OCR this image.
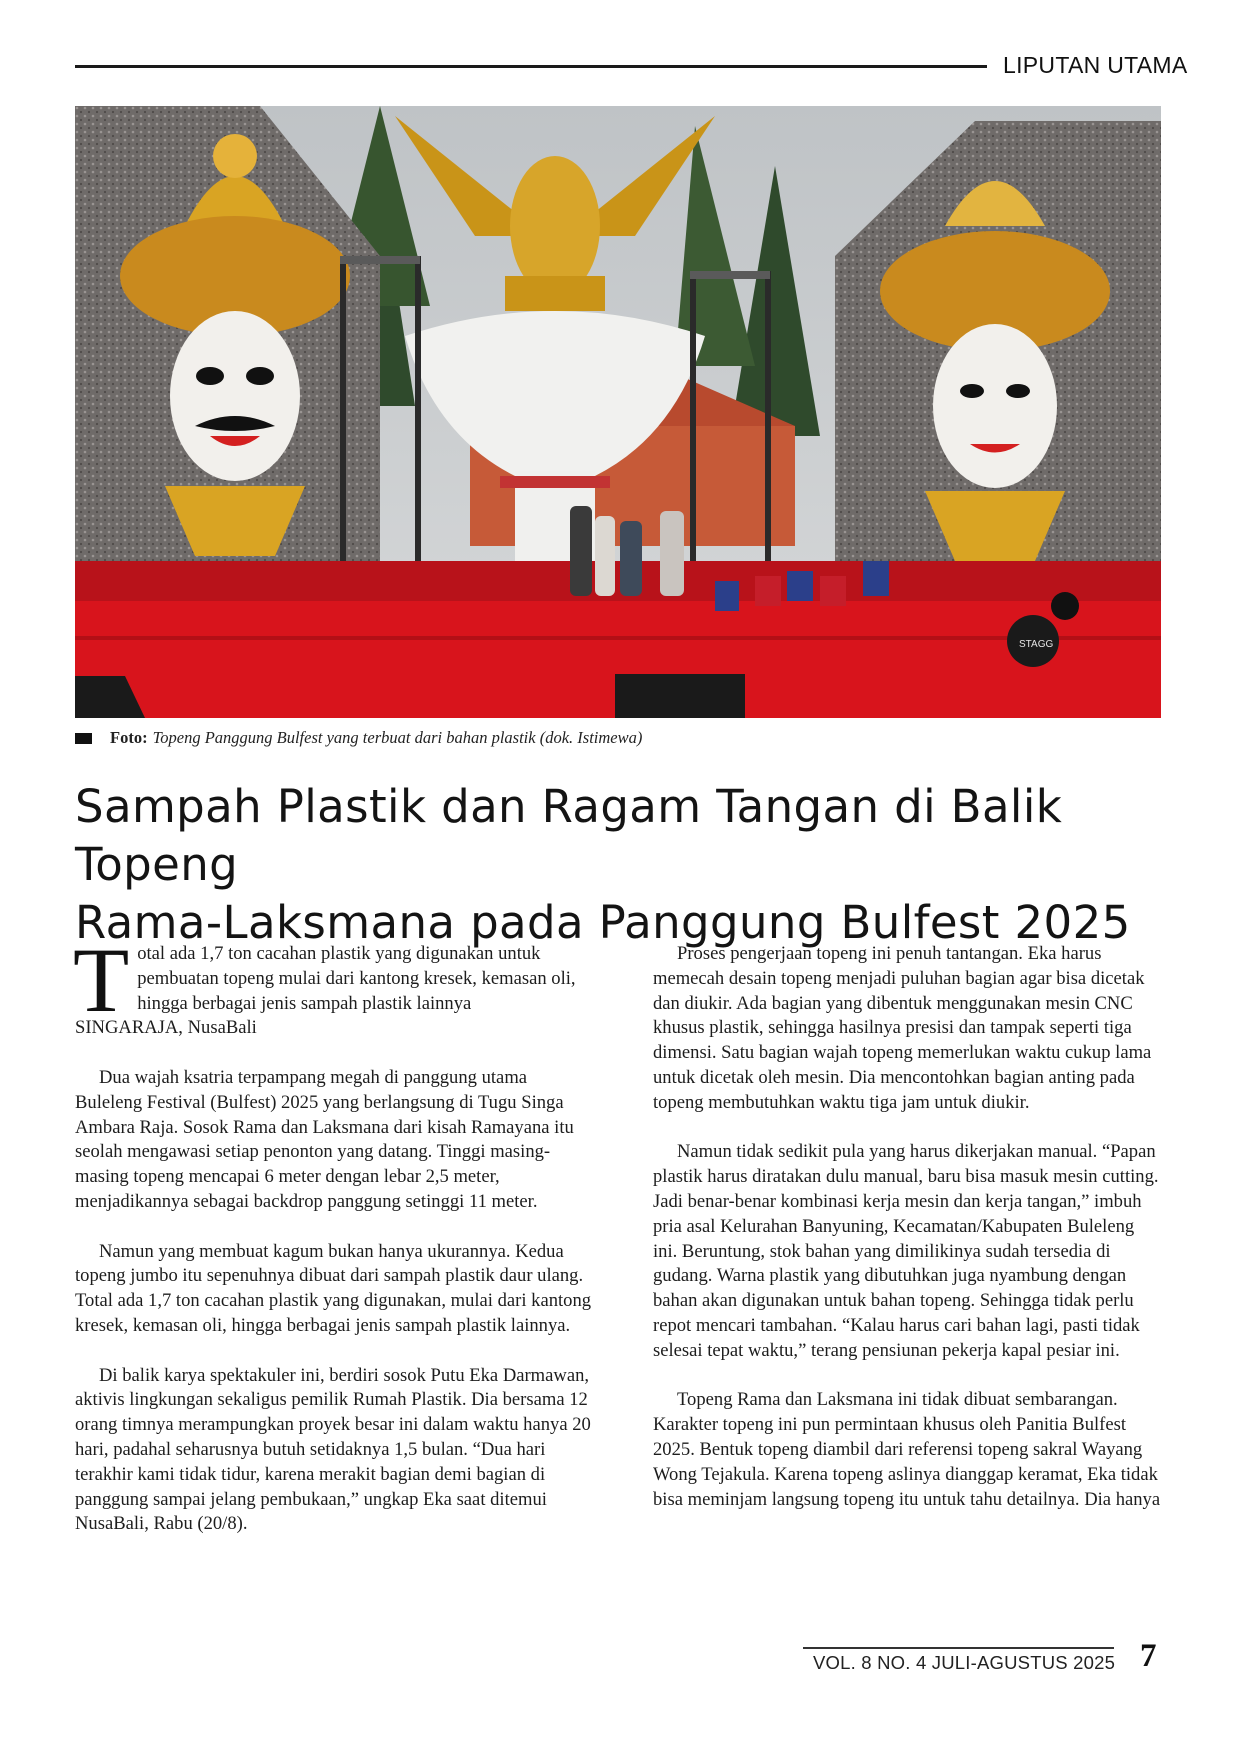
LIPUTAN UTAMA
STAGG
Foto: Topeng Panggung Bulfest yang terbuat dari bahan plastik (dok. Istimewa)
Sampah Plastik dan Ragam Tangan di Balik Topeng
Rama-Laksmana pada Panggung Bulfest 2025

T otal ada 1,7 ton cacahan plastik yang digunakan untuk pembuatan topeng mulai dari kantong kresek, kemasan oli, hingga berbagai jenis sampah plastik lainnya

SINGARAJA, NusaBali

Dua wajah ksatria terpampang megah di panggung utama Buleleng Festival (Bulfest) 2025 yang berlangsung di Tugu Singa Ambara Raja. Sosok Rama dan Laksmana dari kisah Ramayana itu seolah mengawasi setiap penonton yang datang. Tinggi masing-masing topeng mencapai 6 meter dengan lebar 2,5 meter, menjadikannya sebagai backdrop panggung setinggi 11 meter.

Namun yang membuat kagum bukan hanya ukurannya. Kedua topeng jumbo itu sepenuhnya dibuat dari sampah plastik daur ulang. Total ada 1,7 ton cacahan plastik yang digunakan, mulai dari kantong kresek, kemasan oli, hingga berbagai jenis sampah plastik lainnya.

Di balik karya spektakuler ini, berdiri sosok Putu Eka Darmawan, aktivis lingkungan sekaligus pemilik Rumah Plastik. Dia bersama 12 orang timnya merampungkan proyek besar ini dalam waktu hanya 20 hari, padahal seharusnya butuh setidaknya 1,5 bulan. “Dua hari terakhir kami tidak tidur, karena merakit bagian demi bagian di panggung sampai jelang pembukaan,” ungkap Eka saat ditemui NusaBali, Rabu (20/8).

Proses pengerjaan topeng ini penuh tantangan. Eka harus memecah desain topeng menjadi puluhan bagian agar bisa dicetak dan diukir. Ada bagian yang dibentuk menggunakan mesin CNC khusus plastik, sehingga hasilnya presisi dan tampak seperti tiga dimensi. Satu bagian wajah topeng memerlukan waktu cukup lama untuk dicetak oleh mesin. Dia mencontohkan bagian anting pada topeng membutuhkan waktu tiga jam untuk diukir.

Namun tidak sedikit pula yang harus dikerjakan manual. “Papan plastik harus diratakan dulu manual, baru bisa masuk mesin cutting. Jadi benar-benar kombinasi kerja mesin dan kerja tangan,” imbuh pria asal Kelurahan Banyuning, Kecamatan/Kabupaten Buleleng ini. Beruntung, stok bahan yang dimilikinya sudah tersedia di gudang. Warna plastik yang dibutuhkan juga nyambung dengan bahan akan digunakan untuk bahan topeng. Sehingga tidak perlu repot mencari tambahan. “Kalau harus cari bahan lagi, pasti tidak selesai tepat waktu,” terang pensiunan pekerja kapal pesiar ini.

Topeng Rama dan Laksmana ini tidak dibuat sembarangan. Karakter topeng ini pun permintaan khusus oleh Panitia Bulfest 2025. Bentuk topeng diambil dari referensi topeng sakral Wayang Wong Tejakula. Karena topeng aslinya dianggap keramat, Eka tidak bisa meminjam langsung topeng itu untuk tahu detailnya. Dia hanya

VOL. 8 NO. 4 JULI-AGUSTUS 2025 7
